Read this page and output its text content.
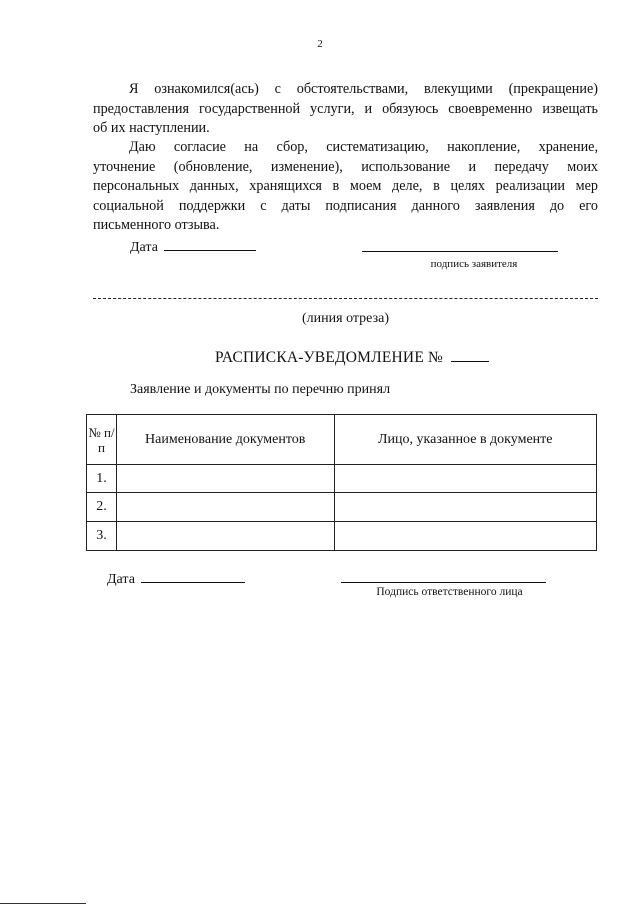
2
Я ознакомился(ась) с обстоятельствами, влекущими (прекращение)
предоставления государственной услуги, и обязуюсь своевременно извещать
об их наступлении.
Даю согласие на сбор, систематизацию, накопление, хранение,
уточнение (обновление, изменение), использование и передачу моих
персональных данных, хранящихся в моем деле, в целях реализации мер
социальной поддержки с даты подписания данного заявления до его
письменного отзыва.
Дата
подпись заявителя
(линия отреза)
РАСПИСКА-УВЕДОМЛЕНИЕ №
Заявление и документы по перечню принял
№ п/п	Наименование документов	Лицо, указанное в документе
1.		
2.		
3.		
Дата
Подпись ответственного лица
